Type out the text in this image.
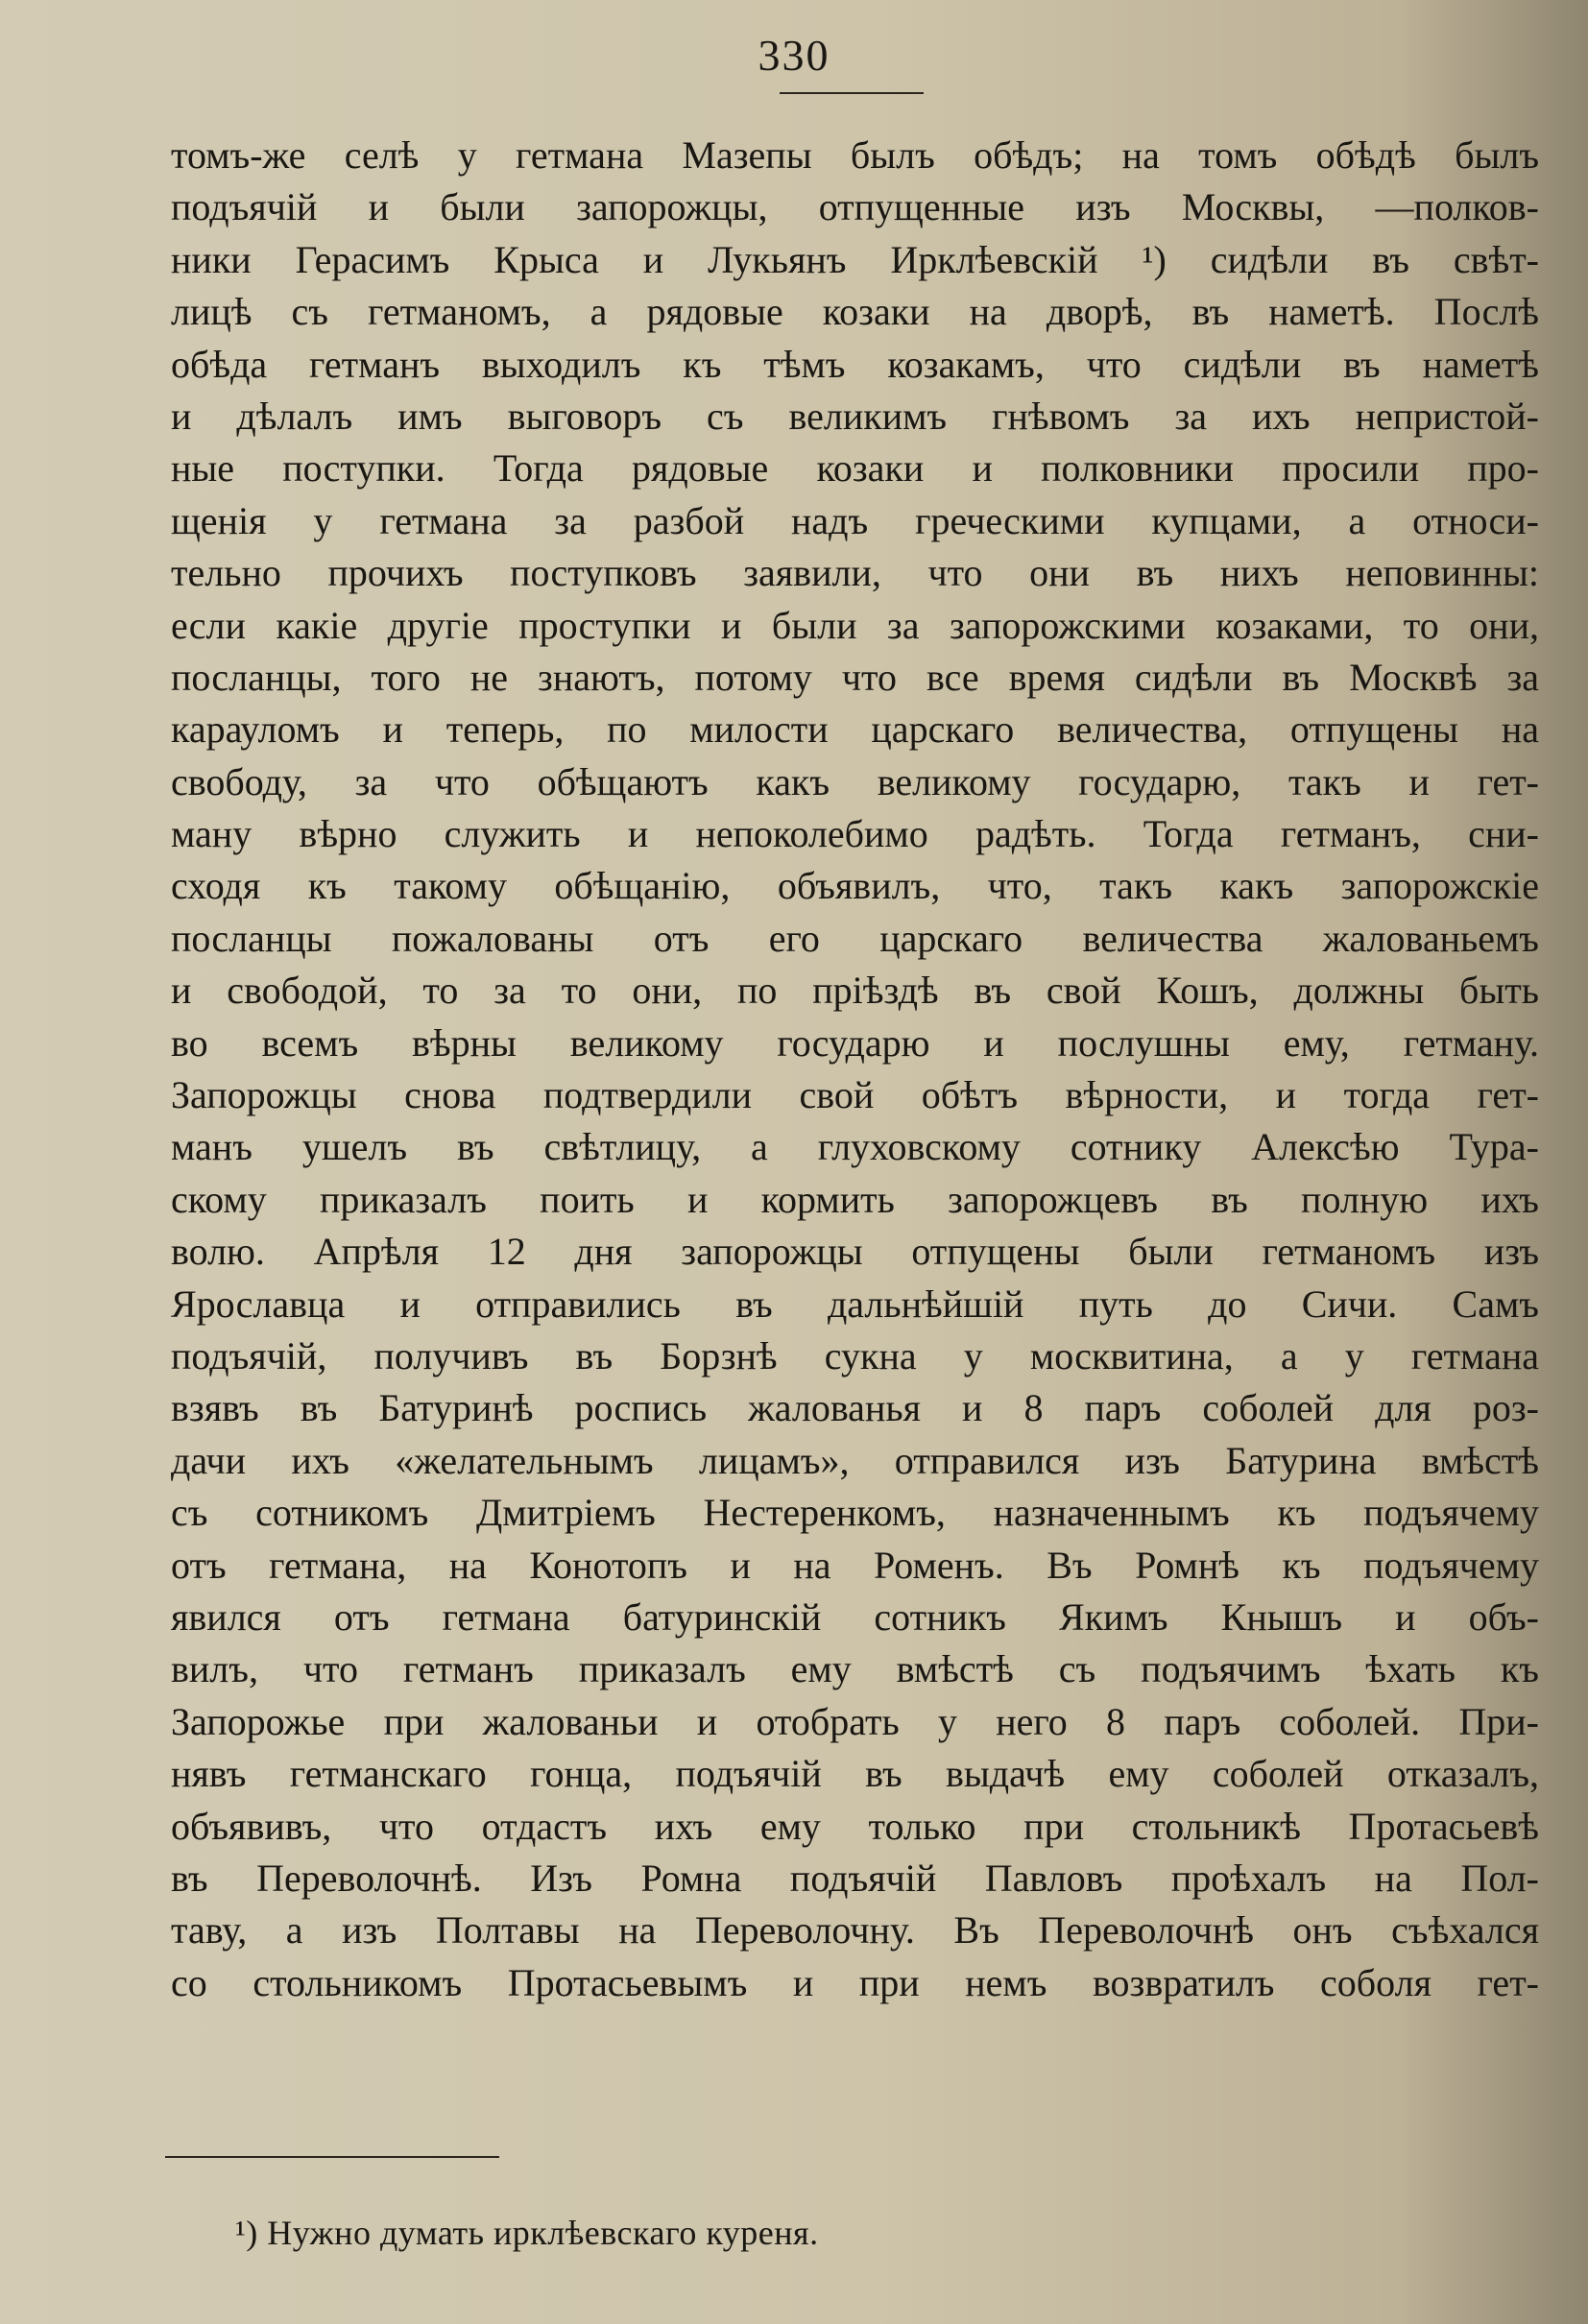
330
томъ-же селѣ у гетмана Мазепы былъ обѣдъ; на томъ обѣдѣ былъ
подъячій и были запорожцы, отпущенные изъ Москвы, —полков-
ники Герасимъ Крыса и Лукьянъ Ирклѣевскій ¹) сидѣли въ свѣт-
лицѣ съ гетманомъ, а рядовые козаки на дворѣ, въ наметѣ. Послѣ
обѣда гетманъ выходилъ къ тѣмъ козакамъ, что сидѣли въ наметѣ
и дѣлалъ имъ выговоръ съ великимъ гнѣвомъ за ихъ непристой-
ные поступки. Тогда рядовые козаки и полковники просили про-
щенія у гетмана за разбой надъ греческими купцами, а относи-
тельно прочихъ поступковъ заявили, что они въ нихъ неповинны:
если какіе другіе проступки и были за запорожскими козаками, то они,
посланцы, того не знаютъ, потому что все время сидѣли въ Москвѣ за
карауломъ и теперь, по милости царскаго величества, отпущены на
свободу, за что обѣщаютъ какъ великому государю, такъ и гет-
ману вѣрно служить и непоколебимо радѣть. Тогда гетманъ, сни-
сходя къ такому обѣщанію, объявилъ, что, такъ какъ запорожскіе
посланцы пожалованы отъ его царскаго величества жалованьемъ
и свободой, то за то они, по пріѣздѣ въ свой Кошъ, должны быть
во всемъ вѣрны великому государю и послушны ему, гетману.
Запорожцы снова подтвердили свой обѣтъ вѣрности, и тогда гет-
манъ ушелъ въ свѣтлицу, а глуховскому сотнику Алексѣю Тура-
скому приказалъ поить и кормить запорожцевъ въ полную ихъ
волю. Апрѣля 12 дня запорожцы отпущены были гетманомъ изъ
Ярославца и отправились въ дальнѣйшій путь до Сичи. Самъ
подъячій, получивъ въ Борзнѣ сукна у москвитина, а у гетмана
взявъ въ Батуринѣ роспись жалованья и 8 паръ соболей для роз-
дачи ихъ «желательнымъ лицамъ», отправился изъ Батурина вмѣстѣ
съ сотникомъ Дмитріемъ Нестеренкомъ, назначеннымъ къ подъячему
отъ гетмана, на Конотопъ и на Роменъ. Въ Ромнѣ къ подъячему
явился отъ гетмана батуринскій сотникъ Якимъ Кнышъ и объ-
вилъ, что гетманъ приказалъ ему вмѣстѣ съ подъячимъ ѣхать къ
Запорожье при жалованьи и отобрать у него 8 паръ соболей. При-
нявъ гетманскаго гонца, подъячій въ выдачѣ ему соболей отказалъ,
объявивъ, что отдастъ ихъ ему только при стольникѣ Протасьевѣ
въ Переволочнѣ. Изъ Ромна подъячій Павловъ проѣхалъ на Пол-
таву, а изъ Полтавы на Переволочну. Въ Переволочнѣ онъ съѣхался
со стольникомъ Протасьевымъ и при немъ возвратилъ соболя гет-
¹) Нужно думать ирклѣевскаго куреня.
